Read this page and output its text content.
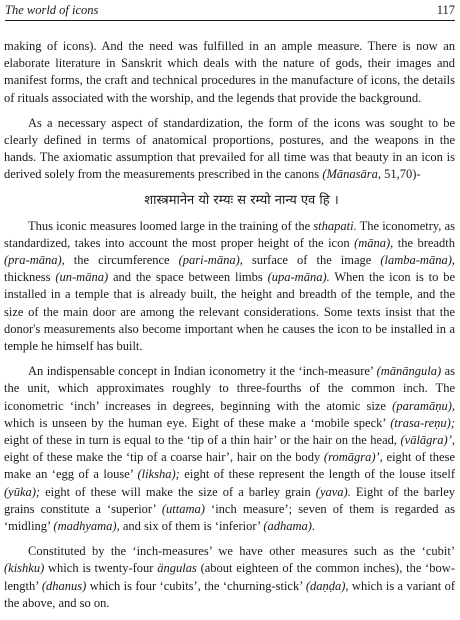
The world of icons	117

making of icons). And the need was fulfilled in an ample measure. There is now an elaborate literature in Sanskrit which deals with the nature of gods, their images and manifest forms, the craft and technical procedures in the manufacture of icons, the details of rituals associated with the worship, and the legends that provide the background.

As a necessary aspect of standardization, the form of the icons was sought to be clearly defined in terms of anatomical proportions, postures, and the weapons in the hands. The axiomatic assumption that prevailed for all time was that beauty in an icon is derived solely from the measurements prescribed in the canons (Mānasāra, 51,70)-

शास्त्रमानेन यो रम्यः स रम्यो नान्य एव हि ।

Thus iconic measures loomed large in the training of the sthapati. The iconometry, as standardized, takes into account the most proper height of the icon (māna), the breadth (pra-māna), the circumference (pari-māna), surface of the image (lamba-māna), thickness (un-māna) and the space between limbs (upa-māna). When the icon is to be installed in a temple that is already built, the height and breadth of the temple, and the size of the main door are among the relevant considerations. Some texts insist that the donor's measurements also become important when he causes the icon to be installed in a temple he himself has built.

An indispensable concept in Indian iconometry it the ‘inch-measure’ (mānāngula) as the unit, which approximates roughly to three-fourths of the common inch. The iconometric ‘inch’ increases in degrees, beginning with the atomic size (paramāṇu), which is unseen by the human eye. Eight of these make a ‘mobile speck’ (trasa-reṇu); eight of these in turn is equal to the ‘tip of a thin hair’ or the hair on the head, (vālāgra)’, eight of these make the ‘tip of a coarse hair’, hair on the body (romāgra)’, eight of these make an ‘egg of a louse’ (liksha); eight of these represent the length of the louse itself (yūka); eight of these will make the size of a barley grain (yava). Eight of the barley grains constitute a ‘superior’ (uttama) ‘inch measure’; seven of them is regarded as ‘midling’ (madhyama), and six of them is ‘inferior’ (adhama).

Constituted by the ‘inch-measures’ we have other measures such as the ‘cubit’ (kishku) which is twenty-four ängulas (about eighteen of the common inches), the ‘bow-length’ (dhanus) which is four ‘cubits’, the ‘churning-stick’ (daṇḍa), which is a variant of the above, and so on.
